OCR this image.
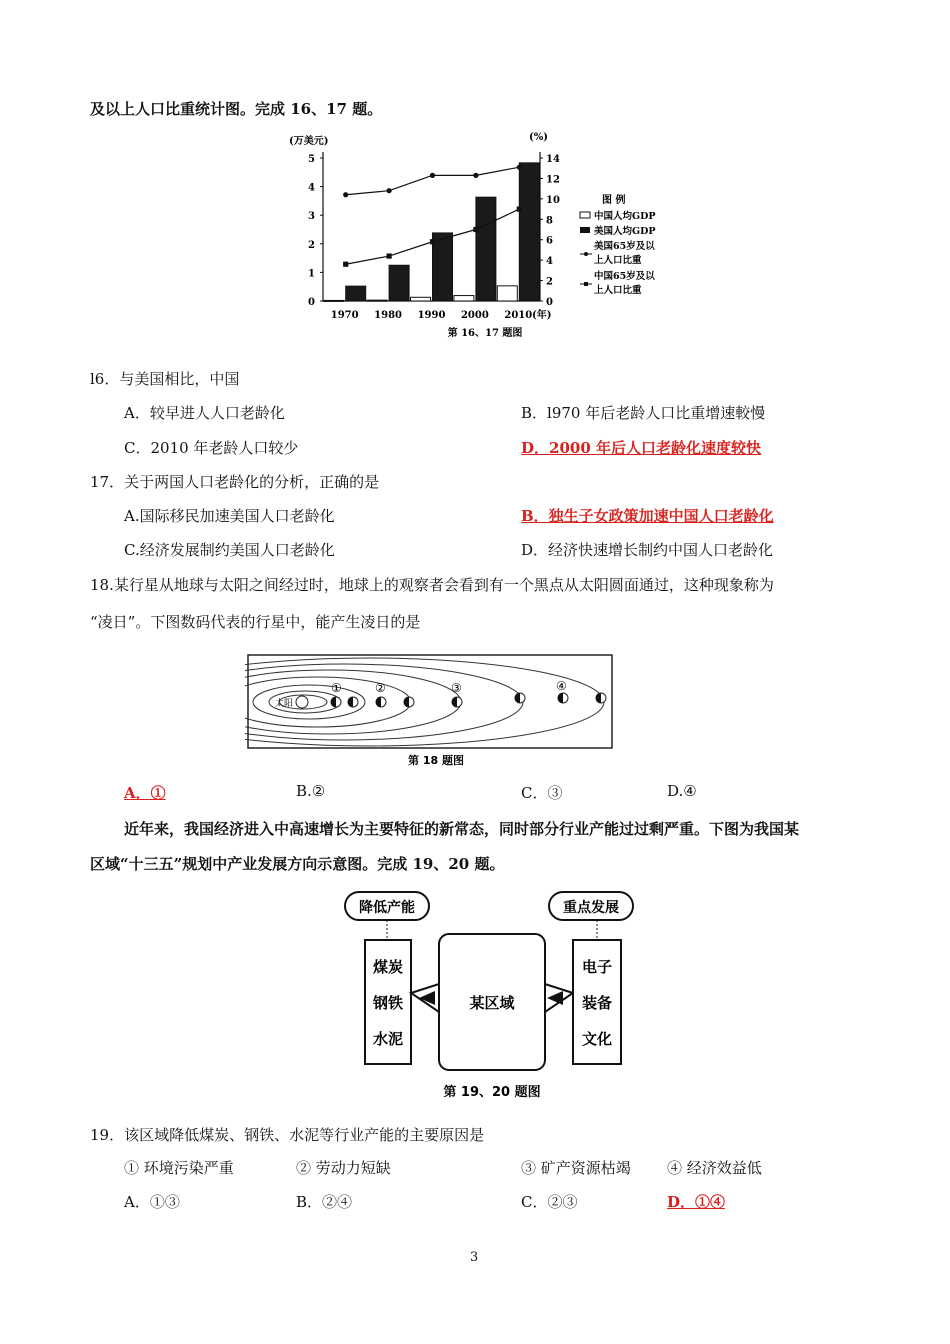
及以上人口比重统计图。完成 16、17 题。
(万美元)	(%)
0
1
2
3
4
5
0
2
4
6
8
10
12
14
1970 1980 1990 2000 2010 (年)
图 例
中国人均GDP
美国人均GDP
美国65岁及以
上人口比重
中国65岁及以
上人口比重
第 16、17 题图
l6．与美国相比，中国
A．较早进人人口老龄化	B．l970 年后老龄人口比重增速較慢
C．2010 年老龄人口较少	D．2000 年后人口老龄化速度较快
17．关于两国人口老龄化的分析，正确的是
A.国际移民加速美国人口老龄化	B．独生子女政策加速中国人口老龄化
C.经济发展制约美国人口老龄化	D．经济快速增长制约中国人口老龄化
18.某行星从地球与太阳之间经过时，地球上的观察者会看到有一个黑点从太阳圆面通过，这种现象称为
“凌日”。下图数码代表的行星中，能产生凌日的是
太阳
①	②	③	④
第 18 题图
A．①	B.②	C．③	D.④
近年来，我国经济进入中高速增长为主要特征的新常态，同时部分行业产能过过剩严重。下图为我国某
区域“十三五”规划中产业发展方向示意图。完成 19、20 题。
降低产能
煤炭
钢铁
水泥
某区域
重点发展
电子
装备
文化
第 19、20 题图
19．该区域降低煤炭、钢铁、水泥等行业产能的主要原因是
① 环境污染严重	② 劳动力短缺	③ 矿产资源枯竭 ④ 经济效益低
A．①③	B．②④	C．②③	D．①④
3
